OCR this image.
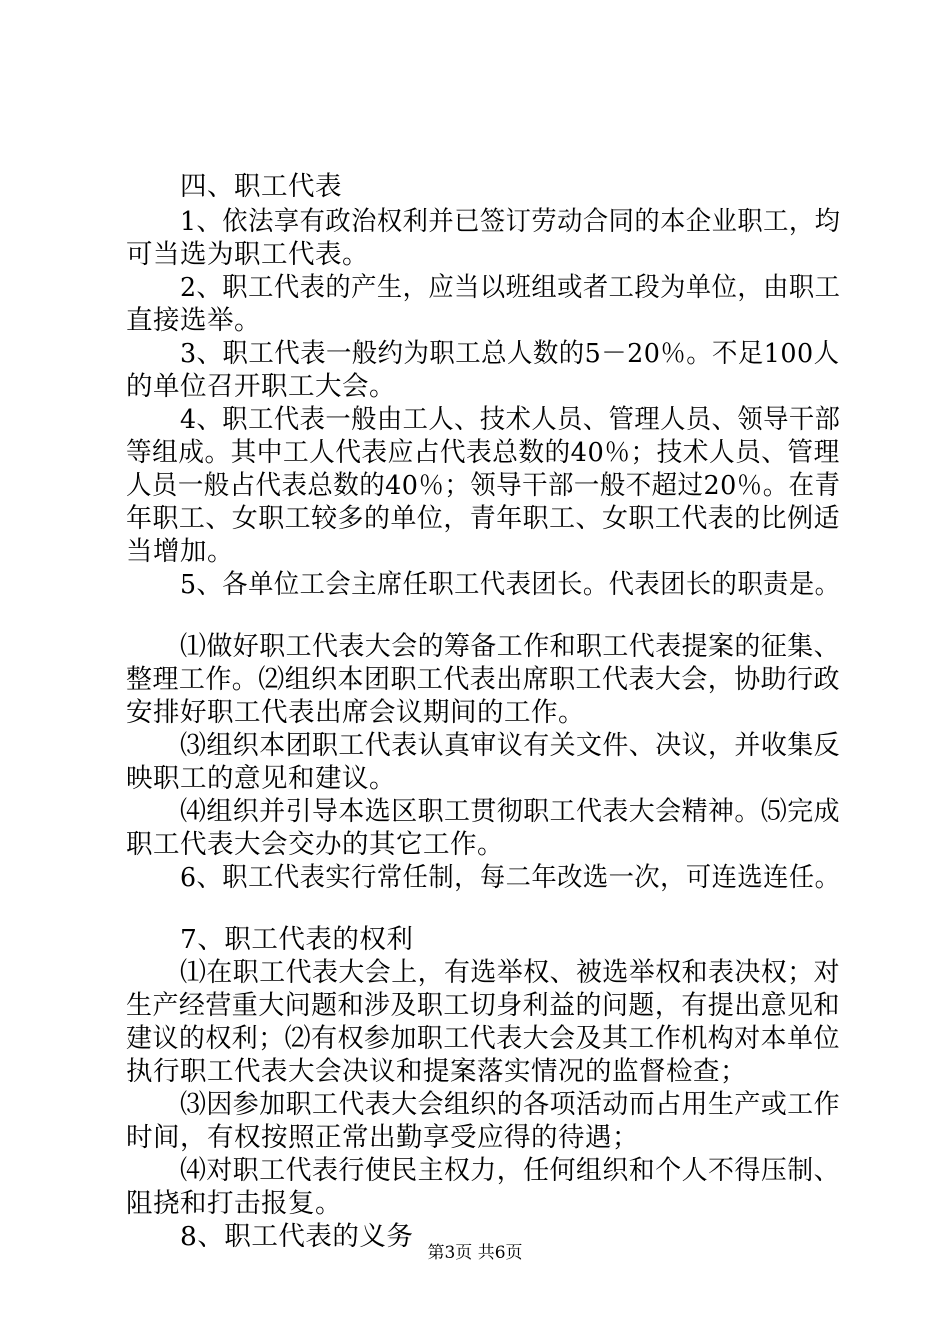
四、职工代表
1、依法享有政治权利并已签订劳动合同的本企业职工，均
可当选为职工代表。
2、职工代表的产生，应当以班组或者工段为单位，由职工
直接选举。
3、职工代表一般约为职工总人数的5－20％。不足100人
的单位召开职工大会。
4、职工代表一般由工人、技术人员、管理人员、领导干部
等组成。其中工人代表应占代表总数的40％；技术人员、管理
人员一般占代表总数的40％；领导干部一般不超过20％。在青
年职工、女职工较多的单位，青年职工、女职工代表的比例适
当增加。
5、各单位工会主席任职工代表团长。代表团长的职责是。
⑴做好职工代表大会的筹备工作和职工代表提案的征集、
整理工作。⑵组织本团职工代表出席职工代表大会，协助行政
安排好职工代表出席会议期间的工作。
⑶组织本团职工代表认真审议有关文件、决议，并收集反
映职工的意见和建议。
⑷组织并引导本选区职工贯彻职工代表大会精神。⑸完成
职工代表大会交办的其它工作。
6、职工代表实行常任制，每二年改选一次，可连选连任。
7、职工代表的权利
⑴在职工代表大会上，有选举权、被选举权和表决权；对
生产经营重大问题和涉及职工切身利益的问题，有提出意见和
建议的权利；⑵有权参加职工代表大会及其工作机构对本单位
执行职工代表大会决议和提案落实情况的监督检查；
⑶因参加职工代表大会组织的各项活动而占用生产或工作
时间，有权按照正常出勤享受应得的待遇；
⑷对职工代表行使民主权力，任何组织和个人不得压制、
阻挠和打击报复。
8、职工代表的义务
第3页 共6页
